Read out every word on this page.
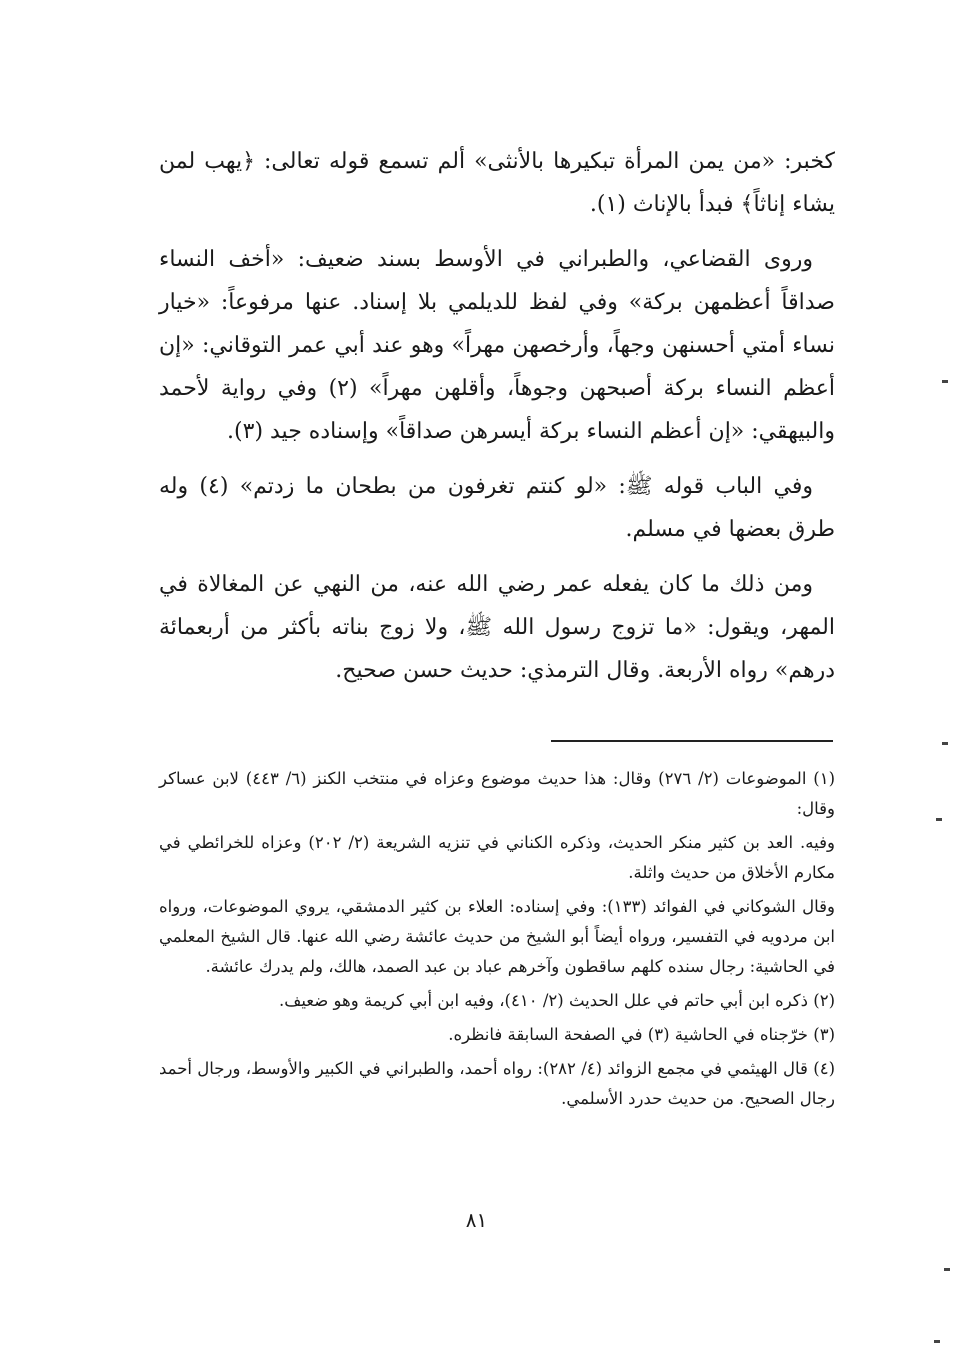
كخبر: «من يمن المرأة تبكيرها بالأنثى» ألم تسمع قوله تعالى: ﴿يهب لمن يشاء إناثاً﴾ فبدأ بالإناث (١).

وروى القضاعي، والطبراني في الأوسط بسند ضعيف: «أخف النساء صداقاً أعظمهن بركة» وفي لفظ للديلمي بلا إسناد. عنها مرفوعاً: «خيار نساء أمتي أحسنهن وجهاً، وأرخصهن مهراً» وهو عند أبي عمر التوقاني: «إن أعظم النساء بركة أصبحهن وجوهاً، وأقلهن مهراً» (٢) وفي رواية لأحمد والبيهقي: «إن أعظم النساء بركة أيسرهن صداقاً» وإسناده جيد (٣).

وفي الباب قوله ﷺ: «لو كنتم تغرفون من بطحان ما زدتم» (٤) وله طرق بعضها في مسلم.

ومن ذلك ما كان يفعله عمر رضي الله عنه، من النهي عن المغالاة في المهر، ويقول: «ما تزوج رسول الله ﷺ، ولا زوج بناته بأكثر من أربعمائة درهم» رواه الأربعة. وقال الترمذي: حديث حسن صحيح.

(١) الموضوعات (٢/ ٢٧٦) وقال: هذا حديث موضوع وعزاه في منتخب الكنز (٦/ ٤٤٣) لابن عساكر وقال:

وفيه. العد بن كثير منكر الحديث، وذكره الكناني في تنزيه الشريعة (٢/ ٢٠٢) وعزاه للخرائطي في مكارم الأخلاق من حديث واثلة.

وقال الشوكاني في الفوائد (١٣٣): وفي إسناده: العلاء بن كثير الدمشقي، يروي الموضوعات، ورواه ابن مردويه في التفسير، ورواه أيضاً أبو الشيخ من حديث عائشة رضي الله عنها. قال الشيخ المعلمي في الحاشية: رجال سنده كلهم ساقطون وآخرهم عباد بن عبد الصمد، هالك، ولم يدرك عائشة.

(٢) ذكره ابن أبي حاتم في علل الحديث (٢/ ٤١٠)، وفيه ابن أبي كريمة وهو ضعيف.

(٣) خرّجناه في الحاشية (٣) في الصفحة السابقة فانظره.

(٤) قال الهيثمي في مجمع الزوائد (٤/ ٢٨٢): رواه أحمد، والطبراني في الكبير والأوسط، ورجال أحمد رجال الصحيح. من حديث حدرد الأسلمي.

٨١
